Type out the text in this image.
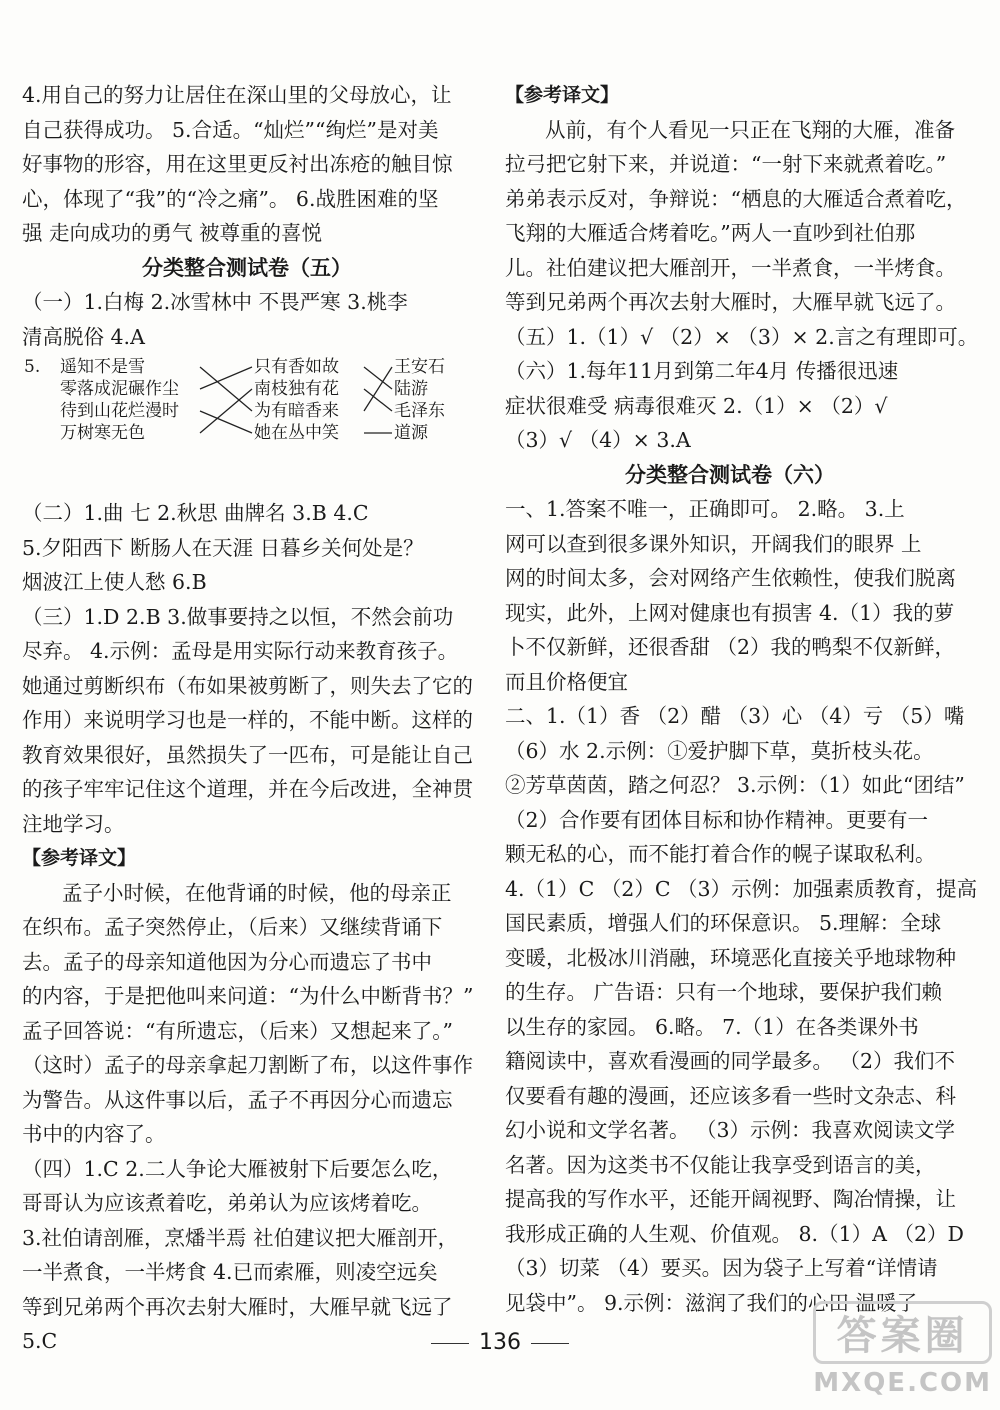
4.用自己的努力让居住在深山里的父母放心，让
自己获得成功。 5.合适。“灿烂”“绚烂”是对美
好事物的形容，用在这里更反衬出冻疮的触目惊
心，体现了“我”的“冷之痛”。 6.战胜困难的坚
强 走向成功的勇气 被尊重的喜悦
分类整合测试卷（五）
（一）1.白梅 2.冰雪林中 不畏严寒 3.桃李
清高脱俗 4.A
5. 遥知不是雪
零落成泥碾作尘
待到山花烂漫时
万树寒无色
只有香如故
南枝独有花
为有暗香来
她在丛中笑
王安石
陆游
毛泽东
道源
（二）1.曲 七 2.秋思 曲牌名 3.B 4.C
5.夕阳西下 断肠人在天涯 日暮乡关何处是？
烟波江上使人愁 6.B
（三）1.D 2.B 3.做事要持之以恒，不然会前功
尽弃。 4.示例：孟母是用实际行动来教育孩子。
她通过剪断织布（布如果被剪断了，则失去了它的
作用）来说明学习也是一样的，不能中断。这样的
教育效果很好，虽然损失了一匹布，可是能让自己
的孩子牢牢记住这个道理，并在今后改进，全神贯
注地学习。
【参考译文】
孟子小时候，在他背诵的时候，他的母亲正
在织布。孟子突然停止，（后来）又继续背诵下
去。孟子的母亲知道他因为分心而遗忘了书中
的内容，于是把他叫来问道：“为什么中断背书？”
孟子回答说：“有所遗忘，（后来）又想起来了。”
（这时）孟子的母亲拿起刀割断了布，以这件事作
为警告。从这件事以后，孟子不再因分心而遗忘
书中的内容了。
（四）1.C 2.二人争论大雁被射下后要怎么吃，
哥哥认为应该煮着吃，弟弟认为应该烤着吃。
3.社伯请剖雁，烹燔半焉 社伯建议把大雁剖开，
一半煮食，一半烤食 4.已而索雁，则凌空远矣
等到兄弟两个再次去射大雁时，大雁早就飞远了
5.C
【参考译文】
从前，有个人看见一只正在飞翔的大雁，准备
拉弓把它射下来，并说道：“一射下来就煮着吃。”
弟弟表示反对，争辩说：“栖息的大雁适合煮着吃，
飞翔的大雁适合烤着吃。”两人一直吵到社伯那
儿。社伯建议把大雁剖开，一半煮食，一半烤食。
等到兄弟两个再次去射大雁时，大雁早就飞远了。
（五）1.（1）√ （2）× （3）× 2.言之有理即可。
（六）1.每年11月到第二年4月 传播很迅速
症状很难受 病毒很难灭 2.（1）× （2）√
（3）√ （4）× 3.A
分类整合测试卷（六）
一、1.答案不唯一，正确即可。 2.略。 3.上
网可以查到很多课外知识，开阔我们的眼界 上
网的时间太多，会对网络产生依赖性，使我们脱离
现实，此外，上网对健康也有损害 4.（1）我的萝
卜不仅新鲜，还很香甜 （2）我的鸭梨不仅新鲜，
而且价格便宜
二、1.（1）香 （2）醋 （3）心 （4）亏 （5）嘴
（6）水 2.示例：①爱护脚下草，莫折枝头花。
②芳草茵茵，踏之何忍？ 3.示例：（1）如此“团结”
（2）合作要有团体目标和协作精神。更要有一
颗无私的心，而不能打着合作的幌子谋取私利。
4.（1）C （2）C （3）示例：加强素质教育，提高
国民素质，增强人们的环保意识。 5.理解：全球
变暖，北极冰川消融，环境恶化直接关乎地球物种
的生存。 广告语：只有一个地球，要保护我们赖
以生存的家园。 6.略。 7.（1）在各类课外书
籍阅读中，喜欢看漫画的同学最多。 （2）我们不
仅要看有趣的漫画，还应该多看一些时文杂志、科
幻小说和文学名著。 （3）示例：我喜欢阅读文学
名著。因为这类书不仅能让我享受到语言的美，
提高我的写作水平，还能开阔视野、陶冶情操，让
我形成正确的人生观、价值观。 8.（1）A （2）D
（3）切菜 （4）要买。因为袋子上写着“详情请
见袋中”。 9.示例：滋润了我们的心田 温暖了
136	答案圈
MXQE.COM
